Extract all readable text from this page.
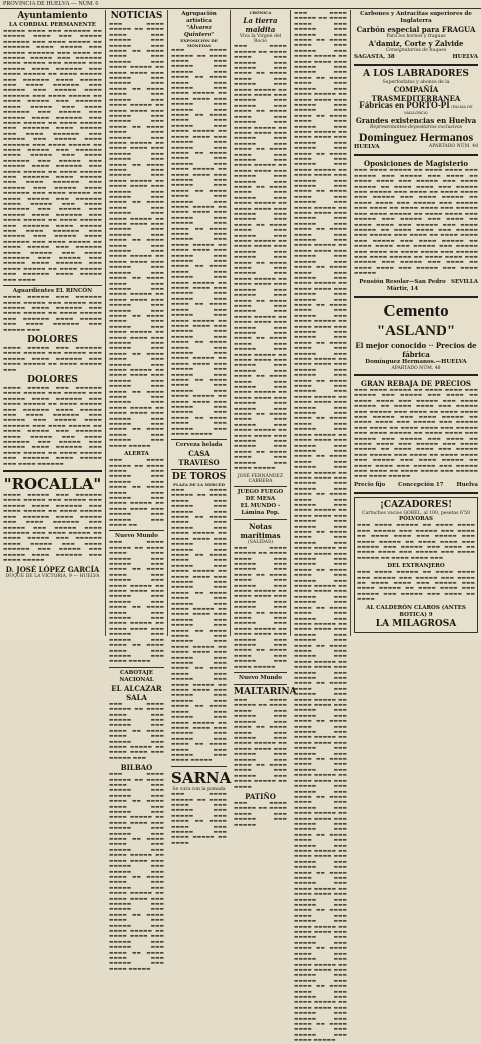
PROVINCIA DE HUELVA — NÚM. 6
Ayuntamiento
LA CORDIAL PERMANENTE
▬▬▬▬▬ ▬▬▬▬ ▬▬▬ ▬▬▬▬▬▬ ▬▬ ▬▬▬▬▬ ▬▬▬▬ ▬▬▬ ▬▬▬▬▬ ▬▬▬▬▬▬ ▬▬▬ ▬▬▬▬ ▬▬▬▬▬ ▬▬ ▬▬▬▬▬▬ ▬▬▬▬ ▬▬▬▬▬ ▬▬▬ ▬▬▬▬▬ ▬▬▬▬▬▬ ▬▬▬ ▬▬▬▬ ▬▬ ▬▬▬▬▬ ▬▬▬▬▬ ▬▬▬ ▬▬▬▬▬▬ ▬▬▬▬ ▬▬▬▬▬ ▬▬▬ ▬▬▬▬▬ ▬▬▬ ▬▬▬▬▬ ▬▬▬▬ ▬▬▬▬▬▬ ▬▬▬ ▬▬▬▬ ▬▬▬▬▬ ▬▬ ▬▬▬▬ ▬▬▬▬▬ ▬▬▬ ▬▬▬▬▬▬ ▬▬▬▬ ▬▬▬▬▬ ▬▬▬ ▬▬▬▬ ▬▬▬▬▬▬ ▬▬▬ ▬▬▬▬▬ ▬▬▬ ▬▬▬▬▬ ▬▬▬▬ ▬▬▬▬▬▬ ▬▬▬ ▬▬▬▬ ▬▬▬▬▬ ▬▬ ▬▬▬▬ ▬▬▬▬▬ ▬▬▬ ▬▬▬▬▬▬ ▬▬▬▬ ▬▬▬▬▬ ▬▬▬ ▬▬▬▬ ▬▬▬▬▬▬ ▬▬▬ ▬▬▬▬▬ ▬▬▬ ▬▬▬▬▬ ▬▬▬▬ ▬▬▬▬▬▬ ▬▬▬ ▬▬▬▬ ▬▬▬▬▬ ▬▬ ▬▬▬▬ ▬▬▬▬▬ ▬▬▬ ▬▬▬▬▬▬ ▬▬▬▬ ▬▬▬▬▬ ▬▬▬ ▬▬▬▬ ▬▬▬▬▬▬ ▬▬▬ ▬▬▬▬▬ ▬▬▬ ▬▬▬▬▬ ▬▬▬▬ ▬▬▬▬▬▬ ▬▬▬ ▬▬▬▬ ▬▬▬▬▬ ▬▬ ▬▬▬▬ ▬▬▬▬▬ ▬▬▬ ▬▬▬▬▬▬ ▬▬▬▬ ▬▬▬▬▬ ▬▬▬ ▬▬▬▬ ▬▬▬▬▬▬ ▬▬▬ ▬▬▬▬▬ ▬▬▬ ▬▬▬▬▬ ▬▬▬▬ ▬▬▬▬▬▬ ▬▬▬ ▬▬▬▬ ▬▬▬▬▬ ▬▬ ▬▬▬▬ ▬▬▬▬▬ ▬▬▬ ▬▬▬▬▬▬ ▬▬▬▬ ▬▬▬▬▬ ▬▬▬ ▬▬▬▬ ▬▬▬▬▬▬ ▬▬▬ ▬▬▬▬▬ ▬▬▬ ▬▬▬▬▬ ▬▬▬▬ ▬▬▬▬▬▬ ▬▬▬ ▬▬▬▬ ▬▬▬▬▬ ▬▬ ▬▬▬▬ ▬▬▬▬▬ ▬▬▬ ▬▬▬▬▬▬ ▬▬▬▬ ▬▬▬▬▬ ▬▬▬ ▬▬▬▬ ▬▬▬▬▬▬ ▬▬▬ ▬▬▬▬▬ ▬▬▬ ▬▬▬▬▬ ▬▬▬▬ ▬▬▬▬▬▬ ▬▬▬ ▬▬▬▬ ▬▬▬▬▬ ▬▬ ▬▬▬▬ ▬▬▬▬▬ ▬▬▬ ▬▬▬▬▬▬ ▬▬▬▬ ▬▬▬▬▬ ▬▬▬ ▬▬▬▬ ▬▬▬▬▬▬ ▬▬▬ ▬▬▬▬▬ ▬▬▬ ▬▬▬▬▬ ▬▬▬▬ ▬▬▬▬▬▬ ▬▬▬ ▬▬▬▬ ▬▬▬▬▬ ▬▬ ▬▬▬▬ ▬▬▬▬▬ ▬▬▬ ▬▬▬▬▬▬ ▬▬▬▬ ▬▬▬▬▬ ▬▬▬ ▬▬▬▬ ▬▬▬▬▬▬ ▬▬▬ ▬▬▬▬▬ ▬▬▬ ▬▬▬▬▬ ▬▬▬▬ ▬▬▬▬▬▬ ▬▬▬ ▬▬▬▬ ▬▬▬▬▬ ▬▬ ▬▬▬▬ ▬▬▬▬▬ ▬▬▬ ▬▬▬▬▬▬ ▬▬▬▬ ▬▬▬▬▬ ▬▬▬ ▬▬▬▬
Aguardientes EL RINCÓN
▬▬▬▬ ▬▬▬▬▬ ▬▬▬ ▬▬▬▬▬▬ ▬▬▬▬ ▬▬▬▬▬ ▬▬▬ ▬▬▬▬▬ ▬▬▬ ▬▬▬▬▬ ▬▬▬▬ ▬▬▬▬▬▬ ▬▬▬ ▬▬▬▬ ▬▬▬▬▬ ▬▬ ▬▬▬▬ ▬▬▬▬▬ ▬▬▬ ▬▬▬▬▬▬ ▬▬▬▬ ▬▬▬▬▬ ▬▬▬ ▬▬▬▬ ▬▬▬▬▬▬ ▬▬▬ ▬▬▬▬▬ ▬▬▬
DOLORES
▬▬▬▬ ▬▬▬▬▬ ▬▬▬ ▬▬▬▬▬▬ ▬▬▬▬ ▬▬▬▬▬ ▬▬▬ ▬▬▬▬▬ ▬▬▬ ▬▬▬▬▬ ▬▬▬▬ ▬▬▬▬▬▬ ▬▬▬ ▬▬▬▬ ▬▬▬▬▬ ▬▬ ▬▬▬▬ ▬▬▬▬▬ ▬▬▬
DOLORES
▬▬▬▬ ▬▬▬▬▬ ▬▬▬ ▬▬▬▬▬▬ ▬▬▬▬ ▬▬▬▬▬ ▬▬▬ ▬▬▬▬▬ ▬▬▬ ▬▬▬▬▬ ▬▬▬▬ ▬▬▬▬▬▬ ▬▬▬ ▬▬▬▬ ▬▬▬▬▬ ▬▬ ▬▬▬▬ ▬▬▬▬▬ ▬▬▬ ▬▬▬▬▬▬ ▬▬▬▬ ▬▬▬▬▬ ▬▬▬ ▬▬▬▬ ▬▬▬▬▬▬ ▬▬▬ ▬▬▬▬▬ ▬▬▬ ▬▬▬▬▬ ▬▬▬▬ ▬▬▬▬▬▬ ▬▬▬ ▬▬▬▬ ▬▬▬▬▬ ▬▬ ▬▬▬▬ ▬▬▬▬▬ ▬▬▬ ▬▬▬▬▬▬ ▬▬▬▬ ▬▬▬▬▬ ▬▬▬ ▬▬▬▬ ▬▬▬▬▬▬ ▬▬▬ ▬▬▬▬▬ ▬▬▬ ▬▬▬▬▬ ▬▬▬▬ ▬▬▬▬▬▬ ▬▬▬ ▬▬▬▬ ▬▬▬▬▬ ▬▬ ▬▬▬▬ ▬▬▬▬▬ ▬▬▬ ▬▬▬▬▬▬ ▬▬▬▬ ▬▬▬▬▬ ▬▬▬ ▬▬▬▬ ▬▬▬▬▬▬
"ROCALLA"
▬▬▬▬ ▬▬▬▬▬ ▬▬▬ ▬▬▬▬▬▬ ▬▬▬▬ ▬▬▬▬▬ ▬▬▬ ▬▬▬▬▬ ▬▬▬ ▬▬▬▬▬ ▬▬▬▬ ▬▬▬▬▬▬ ▬▬▬ ▬▬▬▬ ▬▬▬▬▬ ▬▬ ▬▬▬▬ ▬▬▬▬▬ ▬▬▬ ▬▬▬▬▬▬ ▬▬▬▬ ▬▬▬▬▬ ▬▬▬ ▬▬▬▬ ▬▬▬▬▬▬ ▬▬▬ ▬▬▬▬▬ ▬▬▬ ▬▬▬▬▬ ▬▬▬▬ ▬▬▬▬▬▬ ▬▬▬ ▬▬▬▬ ▬▬▬▬▬ ▬▬ ▬▬▬▬ ▬▬▬▬▬ ▬▬▬ ▬▬▬▬▬▬ ▬▬▬▬ ▬▬▬▬▬ ▬▬▬ ▬▬▬▬ ▬▬▬▬▬▬ ▬▬▬ ▬▬▬▬▬ ▬▬▬ ▬▬▬▬▬ ▬▬▬▬ ▬▬▬▬▬▬ ▬▬▬ ▬▬▬▬ ▬▬▬▬▬
D. JOSÉ LÓPEZ GARCÍA
DUQUE DE LA VICTORIA, 9 — HUELVA
NOTICIAS
▬▬▬ ▬▬▬▬ ▬▬▬▬▬ ▬▬ ▬▬▬▬ ▬▬▬▬ ▬▬▬ ▬▬▬▬▬ ▬▬▬ ▬▬▬▬▬ ▬▬▬ ▬▬▬▬ ▬▬ ▬▬▬▬ ▬▬▬▬ ▬▬▬ ▬▬▬▬▬ ▬▬▬ ▬▬▬▬ ▬▬▬▬▬ ▬▬ ▬▬▬▬ ▬▬▬▬ ▬▬▬ ▬▬▬▬▬ ▬▬▬ ▬▬▬▬▬ ▬▬▬ ▬▬▬▬ ▬▬ ▬▬▬▬ ▬▬▬▬ ▬▬▬ ▬▬▬▬▬ ▬▬▬ ▬▬▬▬ ▬▬▬▬▬ ▬▬ ▬▬▬▬ ▬▬▬▬ ▬▬▬ ▬▬▬▬▬ ▬▬▬ ▬▬▬▬▬ ▬▬▬ ▬▬▬▬ ▬▬ ▬▬▬▬ ▬▬▬▬ ▬▬▬ ▬▬▬▬▬ ▬▬▬ ▬▬▬▬ ▬▬▬▬▬ ▬▬ ▬▬▬▬ ▬▬▬▬ ▬▬▬ ▬▬▬▬▬ ▬▬▬ ▬▬▬▬▬ ▬▬▬ ▬▬▬▬ ▬▬ ▬▬▬▬ ▬▬▬▬ ▬▬▬ ▬▬▬▬▬ ▬▬▬ ▬▬▬▬ ▬▬▬▬▬ ▬▬ ▬▬▬▬ ▬▬▬▬ ▬▬▬ ▬▬▬▬▬ ▬▬▬ ▬▬▬▬▬ ▬▬▬ ▬▬▬▬ ▬▬ ▬▬▬▬ ▬▬▬▬ ▬▬▬ ▬▬▬▬▬ ▬▬▬ ▬▬▬▬ ▬▬▬▬▬ ▬▬ ▬▬▬▬ ▬▬▬▬ ▬▬▬ ▬▬▬▬▬ ▬▬▬ ▬▬▬▬▬ ▬▬▬ ▬▬▬▬ ▬▬ ▬▬▬▬ ▬▬▬▬ ▬▬▬ ▬▬▬▬▬ ▬▬▬ ▬▬▬▬ ▬▬▬▬▬ ▬▬ ▬▬▬▬ ▬▬▬▬ ▬▬▬ ▬▬▬▬▬ ▬▬▬ ▬▬▬▬▬ ▬▬▬ ▬▬▬▬ ▬▬ ▬▬▬▬ ▬▬▬▬ ▬▬▬ ▬▬▬▬▬ ▬▬▬ ▬▬▬▬ ▬▬▬▬▬ ▬▬ ▬▬▬▬ ▬▬▬▬ ▬▬▬ ▬▬▬▬▬ ▬▬▬ ▬▬▬▬▬ ▬▬▬ ▬▬▬▬ ▬▬ ▬▬▬▬ ▬▬▬▬ ▬▬▬ ▬▬▬▬▬ ▬▬▬ ▬▬▬▬ ▬▬▬▬▬ ▬▬ ▬▬▬▬ ▬▬▬▬ ▬▬▬ ▬▬▬▬▬ ▬▬▬ ▬▬▬▬▬ ▬▬▬ ▬▬▬▬ ▬▬ ▬▬▬▬ ▬▬▬▬ ▬▬▬ ▬▬▬▬▬ ▬▬▬ ▬▬▬▬ ▬▬▬▬▬ ▬▬ ▬▬▬▬ ▬▬▬▬ ▬▬▬ ▬▬▬▬▬ ▬▬▬ ▬▬▬▬▬ ▬▬▬ ▬▬▬▬ ▬▬ ▬▬▬▬ ▬▬▬▬ ▬▬▬ ▬▬▬▬▬ ▬▬▬ ▬▬▬▬ ▬▬▬▬▬ ▬▬ ▬▬▬▬ ▬▬▬▬ ▬▬▬ ▬▬▬▬▬ ▬▬▬ ▬▬▬▬▬ ▬▬▬ ▬▬▬▬ ▬▬ ▬▬▬▬ ▬▬▬▬ ▬▬▬ ▬▬▬▬▬ ▬▬▬ ▬▬▬▬ ▬▬▬▬▬
ALERTA
▬▬▬ ▬▬▬▬ ▬▬▬▬▬ ▬▬ ▬▬▬▬ ▬▬▬▬ ▬▬▬ ▬▬▬▬▬ ▬▬▬ ▬▬▬▬▬ ▬▬▬ ▬▬▬▬ ▬▬ ▬▬▬▬ ▬▬▬▬ ▬▬▬ ▬▬▬▬▬ ▬▬▬ ▬▬▬▬ ▬▬▬▬▬ ▬▬ ▬▬▬▬ ▬▬▬▬ ▬▬▬ ▬▬▬▬▬ ▬▬▬ ▬▬▬▬▬ ▬▬▬ ▬▬▬▬ ▬▬
Nuevo Mundo
▬▬▬ ▬▬▬▬ ▬▬▬▬▬ ▬▬ ▬▬▬▬ ▬▬▬▬ ▬▬▬ ▬▬▬▬▬ ▬▬▬ ▬▬▬▬▬ ▬▬▬ ▬▬▬▬ ▬▬ ▬▬▬▬ ▬▬▬▬ ▬▬▬ ▬▬▬▬▬ ▬▬▬ ▬▬▬▬ ▬▬▬▬▬ ▬▬ ▬▬▬▬ ▬▬▬▬ ▬▬▬ ▬▬▬▬▬ ▬▬▬ ▬▬▬▬▬ ▬▬▬ ▬▬▬▬ ▬▬ ▬▬▬▬ ▬▬▬▬ ▬▬▬ ▬▬▬▬▬ ▬▬▬ ▬▬▬▬ ▬▬▬▬▬ ▬▬ ▬▬▬▬ ▬▬▬▬ ▬▬▬ ▬▬▬▬▬ ▬▬▬ ▬▬▬▬▬ ▬▬▬ ▬▬▬▬ ▬▬ ▬▬▬▬ ▬▬▬▬ ▬▬▬ ▬▬▬▬▬ ▬▬▬ ▬▬▬▬ ▬▬▬▬▬
CABOTAJE NACIONAL
EL ALCAZAR SALA
▬▬▬ ▬▬▬▬ ▬▬▬▬▬ ▬▬ ▬▬▬▬ ▬▬▬▬ ▬▬▬ ▬▬▬▬▬ ▬▬▬ ▬▬▬▬▬ ▬▬▬ ▬▬▬▬ ▬▬ ▬▬▬▬ ▬▬▬▬ ▬▬▬ ▬▬▬▬▬ ▬▬▬ ▬▬▬▬ ▬▬▬▬▬ ▬▬ ▬▬▬▬ ▬▬▬▬ ▬▬▬ ▬▬▬▬▬ ▬▬▬
BILBAO
▬▬▬ ▬▬▬▬ ▬▬▬▬▬ ▬▬ ▬▬▬▬ ▬▬▬▬ ▬▬▬ ▬▬▬▬▬ ▬▬▬ ▬▬▬▬▬ ▬▬▬ ▬▬▬▬ ▬▬ ▬▬▬▬ ▬▬▬▬ ▬▬▬ ▬▬▬▬▬ ▬▬▬ ▬▬▬▬ ▬▬▬▬▬ ▬▬ ▬▬▬▬ ▬▬▬▬ ▬▬▬ ▬▬▬▬▬ ▬▬▬ ▬▬▬▬▬ ▬▬▬ ▬▬▬▬ ▬▬ ▬▬▬▬ ▬▬▬▬ ▬▬▬ ▬▬▬▬▬ ▬▬▬ ▬▬▬▬ ▬▬▬▬▬ ▬▬ ▬▬▬▬ ▬▬▬▬ ▬▬▬ ▬▬▬▬▬ ▬▬▬ ▬▬▬▬▬ ▬▬▬ ▬▬▬▬ ▬▬ ▬▬▬▬ ▬▬▬▬ ▬▬▬ ▬▬▬▬▬ ▬▬▬ ▬▬▬▬ ▬▬▬▬▬ ▬▬ ▬▬▬▬ ▬▬▬▬ ▬▬▬ ▬▬▬▬▬ ▬▬▬ ▬▬▬▬▬ ▬▬▬ ▬▬▬▬ ▬▬ ▬▬▬▬ ▬▬▬▬ ▬▬▬ ▬▬▬▬▬ ▬▬▬ ▬▬▬▬ ▬▬▬▬▬ ▬▬ ▬▬▬▬ ▬▬▬▬ ▬▬▬ ▬▬▬▬▬ ▬▬▬ ▬▬▬▬▬ ▬▬▬ ▬▬▬▬ ▬▬ ▬▬▬▬ ▬▬▬▬ ▬▬▬ ▬▬▬▬▬ ▬▬▬ ▬▬▬▬ ▬▬▬▬▬
Agrupación artística
"Álvarez Quintero"
EXPOSICIÓN DE MONEDAS
▬▬▬ ▬▬▬▬ ▬▬▬▬▬ ▬▬ ▬▬▬▬ ▬▬▬▬ ▬▬▬ ▬▬▬▬▬ ▬▬▬ ▬▬▬▬▬ ▬▬▬ ▬▬▬▬ ▬▬ ▬▬▬▬ ▬▬▬▬ ▬▬▬ ▬▬▬▬▬ ▬▬▬ ▬▬▬▬ ▬▬▬▬▬ ▬▬ ▬▬▬▬ ▬▬▬▬ ▬▬▬ ▬▬▬▬▬ ▬▬▬ ▬▬▬▬▬ ▬▬▬ ▬▬▬▬ ▬▬ ▬▬▬▬ ▬▬▬▬ ▬▬▬ ▬▬▬▬▬ ▬▬▬ ▬▬▬▬ ▬▬▬▬▬ ▬▬ ▬▬▬▬ ▬▬▬▬ ▬▬▬ ▬▬▬▬▬ ▬▬▬ ▬▬▬▬▬ ▬▬▬ ▬▬▬▬ ▬▬ ▬▬▬▬ ▬▬▬▬ ▬▬▬ ▬▬▬▬▬ ▬▬▬ ▬▬▬▬ ▬▬▬▬▬ ▬▬ ▬▬▬▬ ▬▬▬▬ ▬▬▬ ▬▬▬▬▬ ▬▬▬ ▬▬▬▬▬ ▬▬▬ ▬▬▬▬ ▬▬ ▬▬▬▬ ▬▬▬▬ ▬▬▬ ▬▬▬▬▬ ▬▬▬ ▬▬▬▬ ▬▬▬▬▬ ▬▬ ▬▬▬▬ ▬▬▬▬ ▬▬▬ ▬▬▬▬▬ ▬▬▬ ▬▬▬▬▬ ▬▬▬ ▬▬▬▬ ▬▬ ▬▬▬▬ ▬▬▬▬ ▬▬▬ ▬▬▬▬▬ ▬▬▬ ▬▬▬▬ ▬▬▬▬▬ ▬▬ ▬▬▬▬ ▬▬▬▬ ▬▬▬ ▬▬▬▬▬ ▬▬▬ ▬▬▬▬▬ ▬▬▬ ▬▬▬▬ ▬▬ ▬▬▬▬ ▬▬▬▬ ▬▬▬ ▬▬▬▬▬ ▬▬▬ ▬▬▬▬ ▬▬▬▬▬ ▬▬ ▬▬▬▬ ▬▬▬▬ ▬▬▬ ▬▬▬▬▬ ▬▬▬ ▬▬▬▬▬ ▬▬▬ ▬▬▬▬ ▬▬ ▬▬▬▬ ▬▬▬▬ ▬▬▬ ▬▬▬▬▬ ▬▬▬ ▬▬▬▬ ▬▬▬▬▬ ▬▬ ▬▬▬▬ ▬▬▬▬ ▬▬▬ ▬▬▬▬▬ ▬▬▬ ▬▬▬▬▬ ▬▬▬ ▬▬▬▬ ▬▬ ▬▬▬▬ ▬▬▬▬ ▬▬▬ ▬▬▬▬▬ ▬▬▬ ▬▬▬▬ ▬▬▬▬▬ ▬▬ ▬▬▬▬ ▬▬▬▬ ▬▬▬ ▬▬▬▬▬ ▬▬▬ ▬▬▬▬▬ ▬▬▬ ▬▬▬▬ ▬▬ ▬▬▬▬ ▬▬▬▬ ▬▬▬ ▬▬▬▬▬ ▬▬▬ ▬▬▬▬ ▬▬▬▬▬ ▬▬ ▬▬▬▬ ▬▬▬▬ ▬▬▬ ▬▬▬▬▬ ▬▬▬ ▬▬▬▬▬ ▬▬▬ ▬▬▬▬ ▬▬ ▬▬▬▬ ▬▬▬▬ ▬▬▬ ▬▬▬▬▬ ▬▬▬ ▬▬▬▬ ▬▬▬▬▬
Cerveza helada
CASA TRAVIESO
DE TOROS
PLAZA DE LA MERCED
▬▬▬ ▬▬▬▬ ▬▬▬▬▬ ▬▬ ▬▬▬▬ ▬▬▬▬ ▬▬▬ ▬▬▬▬▬ ▬▬▬ ▬▬▬▬▬ ▬▬▬ ▬▬▬▬ ▬▬ ▬▬▬▬ ▬▬▬▬ ▬▬▬ ▬▬▬▬▬ ▬▬▬ ▬▬▬▬ ▬▬▬▬▬ ▬▬ ▬▬▬▬ ▬▬▬▬ ▬▬▬ ▬▬▬▬▬ ▬▬▬ ▬▬▬▬▬ ▬▬▬ ▬▬▬▬ ▬▬ ▬▬▬▬ ▬▬▬▬ ▬▬▬ ▬▬▬▬▬ ▬▬▬ ▬▬▬▬ ▬▬▬▬▬ ▬▬ ▬▬▬▬ ▬▬▬▬ ▬▬▬ ▬▬▬▬▬ ▬▬▬ ▬▬▬▬▬ ▬▬▬ ▬▬▬▬ ▬▬ ▬▬▬▬ ▬▬▬▬ ▬▬▬ ▬▬▬▬▬ ▬▬▬ ▬▬▬▬ ▬▬▬▬▬ ▬▬ ▬▬▬▬ ▬▬▬▬ ▬▬▬ ▬▬▬▬▬ ▬▬▬ ▬▬▬▬▬ ▬▬▬ ▬▬▬▬ ▬▬ ▬▬▬▬ ▬▬▬▬ ▬▬▬ ▬▬▬▬▬ ▬▬▬ ▬▬▬▬ ▬▬▬▬▬ ▬▬ ▬▬▬▬ ▬▬▬▬ ▬▬▬ ▬▬▬▬▬ ▬▬▬ ▬▬▬▬▬ ▬▬▬ ▬▬▬▬ ▬▬ ▬▬▬▬ ▬▬▬▬ ▬▬▬ ▬▬▬▬▬ ▬▬▬ ▬▬▬▬ ▬▬▬▬▬ ▬▬ ▬▬▬▬ ▬▬▬▬ ▬▬▬ ▬▬▬▬▬ ▬▬▬ ▬▬▬▬▬ ▬▬▬ ▬▬▬▬ ▬▬ ▬▬▬▬ ▬▬▬▬ ▬▬▬ ▬▬▬▬▬ ▬▬▬ ▬▬▬▬ ▬▬▬▬▬ ▬▬ ▬▬▬▬ ▬▬▬▬ ▬▬▬ ▬▬▬▬▬ ▬▬▬ ▬▬▬▬▬ ▬▬▬ ▬▬▬▬ ▬▬ ▬▬▬▬ ▬▬▬▬ ▬▬▬ ▬▬▬▬▬ ▬▬▬ ▬▬▬▬ ▬▬▬▬▬
SARNA
Se cura con la pomada
▬▬▬ ▬▬▬▬ ▬▬▬▬▬ ▬▬ ▬▬▬▬ ▬▬▬▬ ▬▬▬ ▬▬▬▬▬ ▬▬▬ ▬▬▬▬▬ ▬▬▬ ▬▬▬▬ ▬▬ ▬▬▬▬ ▬▬▬▬ ▬▬▬ ▬▬▬▬▬ ▬▬▬ ▬▬▬▬ ▬▬▬▬▬ ▬▬ ▬▬▬▬
CRÓNICA
La tierra maldita
Viva la Virgen del Rocío
▬▬▬ ▬▬▬▬ ▬▬▬▬▬ ▬▬ ▬▬▬▬ ▬▬▬▬ ▬▬▬ ▬▬▬▬▬ ▬▬▬ ▬▬▬▬▬ ▬▬▬ ▬▬▬▬ ▬▬ ▬▬▬▬ ▬▬▬▬ ▬▬▬ ▬▬▬▬▬ ▬▬▬ ▬▬▬▬ ▬▬▬▬▬ ▬▬ ▬▬▬▬ ▬▬▬▬ ▬▬▬ ▬▬▬▬▬ ▬▬▬ ▬▬▬▬▬ ▬▬▬ ▬▬▬▬ ▬▬ ▬▬▬▬ ▬▬▬▬ ▬▬▬ ▬▬▬▬▬ ▬▬▬ ▬▬▬▬ ▬▬▬▬▬ ▬▬ ▬▬▬▬ ▬▬▬▬ ▬▬▬ ▬▬▬▬▬ ▬▬▬ ▬▬▬▬▬ ▬▬▬ ▬▬▬▬ ▬▬ ▬▬▬▬ ▬▬▬▬ ▬▬▬ ▬▬▬▬▬ ▬▬▬ ▬▬▬▬ ▬▬▬▬▬ ▬▬ ▬▬▬▬ ▬▬▬▬ ▬▬▬ ▬▬▬▬▬ ▬▬▬ ▬▬▬▬▬ ▬▬▬ ▬▬▬▬ ▬▬ ▬▬▬▬ ▬▬▬▬ ▬▬▬ ▬▬▬▬▬ ▬▬▬ ▬▬▬▬ ▬▬▬▬▬ ▬▬ ▬▬▬▬ ▬▬▬▬ ▬▬▬ ▬▬▬▬▬ ▬▬▬ ▬▬▬▬▬ ▬▬▬ ▬▬▬▬ ▬▬ ▬▬▬▬ ▬▬▬▬ ▬▬▬ ▬▬▬▬▬ ▬▬▬ ▬▬▬▬ ▬▬▬▬▬ ▬▬ ▬▬▬▬ ▬▬▬▬ ▬▬▬ ▬▬▬▬▬ ▬▬▬ ▬▬▬▬▬ ▬▬▬ ▬▬▬▬ ▬▬ ▬▬▬▬ ▬▬▬▬ ▬▬▬ ▬▬▬▬▬ ▬▬▬ ▬▬▬▬ ▬▬▬▬▬ ▬▬ ▬▬▬▬ ▬▬▬▬ ▬▬▬ ▬▬▬▬▬ ▬▬▬ ▬▬▬▬▬ ▬▬▬ ▬▬▬▬ ▬▬ ▬▬▬▬ ▬▬▬▬ ▬▬▬ ▬▬▬▬▬ ▬▬▬ ▬▬▬▬ ▬▬▬▬▬ ▬▬ ▬▬▬▬ ▬▬▬▬ ▬▬▬ ▬▬▬▬▬ ▬▬▬ ▬▬▬▬▬ ▬▬▬ ▬▬▬▬ ▬▬ ▬▬▬▬ ▬▬▬▬ ▬▬▬ ▬▬▬▬▬ ▬▬▬ ▬▬▬▬ ▬▬▬▬▬ ▬▬ ▬▬▬▬ ▬▬▬▬ ▬▬▬ ▬▬▬▬▬ ▬▬▬ ▬▬▬▬▬ ▬▬▬ ▬▬▬▬ ▬▬ ▬▬▬▬ ▬▬▬▬ ▬▬▬ ▬▬▬▬▬ ▬▬▬ ▬▬▬▬ ▬▬▬▬▬ ▬▬ ▬▬▬▬ ▬▬▬▬ ▬▬▬ ▬▬▬▬▬ ▬▬▬ ▬▬▬▬▬ ▬▬▬ ▬▬▬▬ ▬▬ ▬▬▬▬ ▬▬▬▬ ▬▬▬ ▬▬▬▬▬ ▬▬▬ ▬▬▬▬ ▬▬▬▬▬ ▬▬ ▬▬▬▬ ▬▬▬▬ ▬▬▬ ▬▬▬▬▬ ▬▬▬ ▬▬▬▬▬ ▬▬▬ ▬▬▬▬ ▬▬ ▬▬▬▬ ▬▬▬▬ ▬▬▬ ▬▬▬▬▬ ▬▬▬ ▬▬▬▬ ▬▬▬▬▬
JOSÉ FERNÁNDEZ CABRERA
JUEGO FUEGO DE MESA
EL MUNDO - Lámina Pop.
Notas marítimas
(SALIDAS)
▬▬▬ ▬▬▬▬ ▬▬▬▬▬ ▬▬ ▬▬▬▬ ▬▬▬▬ ▬▬▬ ▬▬▬▬▬ ▬▬▬ ▬▬▬▬▬ ▬▬▬ ▬▬▬▬ ▬▬ ▬▬▬▬ ▬▬▬▬ ▬▬▬ ▬▬▬▬▬ ▬▬▬ ▬▬▬▬ ▬▬▬▬▬ ▬▬ ▬▬▬▬ ▬▬▬▬ ▬▬▬ ▬▬▬▬▬ ▬▬▬ ▬▬▬▬▬ ▬▬▬ ▬▬▬▬ ▬▬ ▬▬▬▬ ▬▬▬▬ ▬▬▬ ▬▬▬▬▬ ▬▬▬ ▬▬▬▬ ▬▬▬▬▬ ▬▬ ▬▬▬▬ ▬▬▬▬ ▬▬▬ ▬▬▬▬▬ ▬▬▬ ▬▬▬▬▬ ▬▬▬ ▬▬▬▬ ▬▬ ▬▬▬▬ ▬▬▬▬ ▬▬▬ ▬▬▬▬▬ ▬▬▬ ▬▬▬▬ ▬▬▬▬▬
Nuevo Mundo
MALTARINA
▬▬▬ ▬▬▬▬ ▬▬▬▬▬ ▬▬ ▬▬▬▬ ▬▬▬▬ ▬▬▬ ▬▬▬▬▬ ▬▬▬ ▬▬▬▬▬ ▬▬▬ ▬▬▬▬ ▬▬ ▬▬▬▬ ▬▬▬▬ ▬▬▬ ▬▬▬▬▬ ▬▬▬ ▬▬▬▬ ▬▬▬▬▬ ▬▬ ▬▬▬▬ ▬▬▬▬ ▬▬▬ ▬▬▬▬▬ ▬▬▬ ▬▬▬▬▬ ▬▬▬ ▬▬▬▬ ▬▬ ▬▬▬▬ ▬▬▬▬ ▬▬▬ ▬▬▬▬▬ ▬▬▬ ▬▬▬▬ ▬▬▬▬▬ ▬▬ ▬▬▬▬
PATIÑO
▬▬▬ ▬▬▬▬ ▬▬▬▬▬ ▬▬ ▬▬▬▬ ▬▬▬▬ ▬▬▬ ▬▬▬▬▬ ▬▬▬ ▬▬▬▬▬
▬▬▬ ▬▬▬▬ ▬▬▬▬▬ ▬▬ ▬▬▬▬ ▬▬▬▬ ▬▬▬ ▬▬▬▬▬ ▬▬▬ ▬▬▬▬▬ ▬▬▬ ▬▬▬▬ ▬▬ ▬▬▬▬ ▬▬▬▬ ▬▬▬ ▬▬▬▬▬ ▬▬▬ ▬▬▬▬ ▬▬▬▬▬ ▬▬ ▬▬▬▬ ▬▬▬▬ ▬▬▬ ▬▬▬▬▬ ▬▬▬ ▬▬▬▬▬ ▬▬▬ ▬▬▬▬ ▬▬ ▬▬▬▬ ▬▬▬▬ ▬▬▬ ▬▬▬▬▬ ▬▬▬ ▬▬▬▬ ▬▬▬▬▬ ▬▬ ▬▬▬▬ ▬▬▬▬ ▬▬▬ ▬▬▬▬▬ ▬▬▬ ▬▬▬▬▬ ▬▬▬ ▬▬▬▬ ▬▬ ▬▬▬▬ ▬▬▬▬ ▬▬▬ ▬▬▬▬▬ ▬▬▬ ▬▬▬▬ ▬▬▬▬▬ ▬▬ ▬▬▬▬ ▬▬▬▬ ▬▬▬ ▬▬▬▬▬ ▬▬▬ ▬▬▬▬▬ ▬▬▬ ▬▬▬▬ ▬▬ ▬▬▬▬ ▬▬▬▬ ▬▬▬ ▬▬▬▬▬ ▬▬▬ ▬▬▬▬ ▬▬▬▬▬ ▬▬ ▬▬▬▬ ▬▬▬▬ ▬▬▬ ▬▬▬▬▬ ▬▬▬ ▬▬▬▬▬ ▬▬▬ ▬▬▬▬ ▬▬ ▬▬▬▬ ▬▬▬▬ ▬▬▬ ▬▬▬▬▬ ▬▬▬ ▬▬▬▬ ▬▬▬▬▬ ▬▬ ▬▬▬▬ ▬▬▬▬ ▬▬▬ ▬▬▬▬▬ ▬▬▬ ▬▬▬▬▬ ▬▬▬ ▬▬▬▬ ▬▬ ▬▬▬▬ ▬▬▬▬ ▬▬▬ ▬▬▬▬▬ ▬▬▬ ▬▬▬▬ ▬▬▬▬▬ ▬▬ ▬▬▬▬ ▬▬▬▬ ▬▬▬ ▬▬▬▬▬ ▬▬▬ ▬▬▬▬▬ ▬▬▬ ▬▬▬▬ ▬▬ ▬▬▬▬ ▬▬▬▬ ▬▬▬ ▬▬▬▬▬ ▬▬▬ ▬▬▬▬ ▬▬▬▬▬ ▬▬ ▬▬▬▬ ▬▬▬▬ ▬▬▬ ▬▬▬▬▬ ▬▬▬ ▬▬▬▬▬ ▬▬▬ ▬▬▬▬ ▬▬ ▬▬▬▬ ▬▬▬▬ ▬▬▬ ▬▬▬▬▬ ▬▬▬ ▬▬▬▬ ▬▬▬▬▬ ▬▬ ▬▬▬▬ ▬▬▬▬ ▬▬▬ ▬▬▬▬▬ ▬▬▬ ▬▬▬▬▬ ▬▬▬ ▬▬▬▬ ▬▬ ▬▬▬▬ ▬▬▬▬ ▬▬▬ ▬▬▬▬▬ ▬▬▬ ▬▬▬▬ ▬▬▬▬▬ ▬▬ ▬▬▬▬ ▬▬▬▬ ▬▬▬ ▬▬▬▬▬ ▬▬▬ ▬▬▬▬▬ ▬▬▬ ▬▬▬▬ ▬▬ ▬▬▬▬ ▬▬▬▬ ▬▬▬ ▬▬▬▬▬ ▬▬▬ ▬▬▬▬ ▬▬▬▬▬ ▬▬ ▬▬▬▬ ▬▬▬▬ ▬▬▬ ▬▬▬▬▬ ▬▬▬ ▬▬▬▬▬ ▬▬▬ ▬▬▬▬ ▬▬ ▬▬▬▬ ▬▬▬▬ ▬▬▬ ▬▬▬▬▬ ▬▬▬ ▬▬▬▬ ▬▬▬▬▬ ▬▬ ▬▬▬▬ ▬▬▬▬ ▬▬▬ ▬▬▬▬▬ ▬▬▬ ▬▬▬▬▬ ▬▬▬ ▬▬▬▬ ▬▬ ▬▬▬▬ ▬▬▬▬ ▬▬▬ ▬▬▬▬▬ ▬▬▬ ▬▬▬▬ ▬▬▬▬▬ ▬▬ ▬▬▬▬ ▬▬▬▬ ▬▬▬ ▬▬▬▬▬ ▬▬▬ ▬▬▬▬▬ ▬▬▬ ▬▬▬▬ ▬▬ ▬▬▬▬ ▬▬▬▬ ▬▬▬ ▬▬▬▬▬ ▬▬▬ ▬▬▬▬ ▬▬▬▬▬ ▬▬ ▬▬▬▬ ▬▬▬▬ ▬▬▬ ▬▬▬▬▬ ▬▬▬ ▬▬▬▬▬ ▬▬▬ ▬▬▬▬ ▬▬ ▬▬▬▬ ▬▬▬▬ ▬▬▬ ▬▬▬▬▬ ▬▬▬ ▬▬▬▬ ▬▬▬▬▬ ▬▬ ▬▬▬▬ ▬▬▬▬ ▬▬▬ ▬▬▬▬▬ ▬▬▬ ▬▬▬▬▬ ▬▬▬ ▬▬▬▬ ▬▬ ▬▬▬▬ ▬▬▬▬ ▬▬▬ ▬▬▬▬▬ ▬▬▬ ▬▬▬▬ ▬▬▬▬▬ ▬▬ ▬▬▬▬ ▬▬▬▬ ▬▬▬ ▬▬▬▬▬ ▬▬▬ ▬▬▬▬▬ ▬▬▬ ▬▬▬▬ ▬▬ ▬▬▬▬ ▬▬▬▬ ▬▬▬ ▬▬▬▬▬ ▬▬▬ ▬▬▬▬ ▬▬▬▬▬ ▬▬ ▬▬▬▬ ▬▬▬▬ ▬▬▬ ▬▬▬▬▬ ▬▬▬ ▬▬▬▬▬ ▬▬▬ ▬▬▬▬ ▬▬ ▬▬▬▬ ▬▬▬▬ ▬▬▬ ▬▬▬▬▬ ▬▬▬ ▬▬▬▬ ▬▬▬▬▬ ▬▬ ▬▬▬▬ ▬▬▬▬ ▬▬▬ ▬▬▬▬▬ ▬▬▬ ▬▬▬▬▬ ▬▬▬ ▬▬▬▬ ▬▬ ▬▬▬▬ ▬▬▬▬ ▬▬▬ ▬▬▬▬▬ ▬▬▬ ▬▬▬▬ ▬▬▬▬▬ ▬▬ ▬▬▬▬ ▬▬▬▬ ▬▬▬ ▬▬▬▬▬ ▬▬▬ ▬▬▬▬▬ ▬▬▬ ▬▬▬▬ ▬▬ ▬▬▬▬ ▬▬▬▬ ▬▬▬ ▬▬▬▬▬ ▬▬▬ ▬▬▬▬ ▬▬▬▬▬ ▬▬ ▬▬▬▬ ▬▬▬▬ ▬▬▬ ▬▬▬▬▬ ▬▬▬ ▬▬▬▬▬ ▬▬▬ ▬▬▬▬ ▬▬ ▬▬▬▬ ▬▬▬▬ ▬▬▬ ▬▬▬▬▬ ▬▬▬ ▬▬▬▬ ▬▬▬▬▬ ▬▬ ▬▬▬▬ ▬▬▬▬ ▬▬▬ ▬▬▬▬▬ ▬▬▬ ▬▬▬▬▬ ▬▬▬ ▬▬▬▬ ▬▬ ▬▬▬▬ ▬▬▬▬ ▬▬▬ ▬▬▬▬▬ ▬▬▬ ▬▬▬▬ ▬▬▬▬▬ ▬▬ ▬▬▬▬ ▬▬▬▬ ▬▬▬ ▬▬▬▬▬ ▬▬▬ ▬▬▬▬▬ ▬▬▬ ▬▬▬▬ ▬▬ ▬▬▬▬ ▬▬▬▬ ▬▬▬ ▬▬▬▬▬ ▬▬▬ ▬▬▬▬ ▬▬▬▬▬ ▬▬ ▬▬▬▬ ▬▬▬▬ ▬▬▬ ▬▬▬▬▬ ▬▬▬ ▬▬▬▬▬ ▬▬▬ ▬▬▬▬ ▬▬ ▬▬▬▬ ▬▬▬▬ ▬▬▬ ▬▬▬▬▬ ▬▬▬ ▬▬▬▬ ▬▬▬▬▬ ▬▬ ▬▬▬▬ ▬▬▬▬ ▬▬▬ ▬▬▬▬▬ ▬▬▬ ▬▬▬▬▬ ▬▬▬ ▬▬▬▬ ▬▬ ▬▬▬▬ ▬▬▬▬ ▬▬▬ ▬▬▬▬▬ ▬▬▬ ▬▬▬▬ ▬▬▬▬▬ ▬▬ ▬▬▬▬ ▬▬▬▬ ▬▬▬ ▬▬▬▬▬ ▬▬▬ ▬▬▬▬▬ ▬▬▬ ▬▬▬▬ ▬▬ ▬▬▬▬ ▬▬▬▬ ▬▬▬ ▬▬▬▬▬ ▬▬▬ ▬▬▬▬ ▬▬▬▬▬ ▬▬ ▬▬▬▬ ▬▬▬▬ ▬▬▬ ▬▬▬▬▬ ▬▬▬ ▬▬▬▬▬ ▬▬▬ ▬▬▬▬ ▬▬ ▬▬▬▬ ▬▬▬▬ ▬▬▬ ▬▬▬▬▬ ▬▬▬ ▬▬▬▬ ▬▬▬▬▬ ▬▬ ▬▬▬▬ ▬▬▬▬ ▬▬▬ ▬▬▬▬▬ ▬▬▬ ▬▬▬▬▬ ▬▬▬ ▬▬▬▬ ▬▬ ▬▬▬▬ ▬▬▬▬ ▬▬▬ ▬▬▬▬▬ ▬▬▬ ▬▬▬▬ ▬▬▬▬▬
Carbones y Antracitas superiores de Inglaterra
Carbón especial para FRAGUA
Para los hornos y fraguas
A'damiz, Corte y Zalvide
Consignatarios de buques
SAGASTA, 38	HUELVA
A LOS LABRADORES
Superfosfatos y abonos de la
COMPAÑÍA TRASMEDITERRANEA
Fábricas en PORTO-PI (PALMA DE MALLORCA)
Grandes existencias en Huelva
Representantes-depositarios exclusivos
Dominguez Hermanos
HUELVA	APARTADO NÚM. 48
Oposiciones de Magisterio
▬▬▬ ▬▬▬▬ ▬▬▬▬▬ ▬▬ ▬▬▬▬ ▬▬▬▬ ▬▬▬ ▬▬▬▬▬ ▬▬▬ ▬▬▬▬▬ ▬▬▬ ▬▬▬▬ ▬▬ ▬▬▬▬ ▬▬▬▬ ▬▬▬ ▬▬▬▬▬ ▬▬▬ ▬▬▬▬ ▬▬▬▬▬ ▬▬ ▬▬▬▬ ▬▬▬▬ ▬▬▬ ▬▬▬▬▬ ▬▬▬ ▬▬▬▬▬ ▬▬▬ ▬▬▬▬ ▬▬ ▬▬▬▬ ▬▬▬▬ ▬▬▬ ▬▬▬▬▬ ▬▬▬ ▬▬▬▬ ▬▬▬▬▬ ▬▬ ▬▬▬▬ ▬▬▬▬ ▬▬▬ ▬▬▬▬▬ ▬▬▬ ▬▬▬▬▬ ▬▬▬ ▬▬▬▬ ▬▬ ▬▬▬▬ ▬▬▬▬ ▬▬▬ ▬▬▬▬▬ ▬▬▬ ▬▬▬▬ ▬▬▬▬▬ ▬▬ ▬▬▬▬ ▬▬▬▬ ▬▬▬ ▬▬▬▬▬ ▬▬▬ ▬▬▬▬▬ ▬▬▬ ▬▬▬▬ ▬▬ ▬▬▬▬ ▬▬▬▬ ▬▬▬ ▬▬▬▬▬ ▬▬▬ ▬▬▬▬ ▬▬▬▬▬ ▬▬ ▬▬▬▬ ▬▬▬▬ ▬▬▬ ▬▬▬▬▬ ▬▬▬ ▬▬▬▬▬ ▬▬▬ ▬▬▬▬ ▬▬ ▬▬▬▬ ▬▬▬▬ ▬▬▬ ▬▬▬▬▬ ▬▬▬ ▬▬▬▬ ▬▬▬▬▬ ▬▬ ▬▬▬▬ ▬▬▬▬ ▬▬▬ ▬▬▬▬▬ ▬▬▬ ▬▬▬▬▬ ▬▬▬ ▬▬▬▬ ▬▬ ▬▬▬▬ ▬▬▬▬ ▬▬▬ ▬▬▬▬▬ ▬▬▬ ▬▬▬▬ ▬▬▬▬▬ ▬▬ ▬▬▬▬ ▬▬▬▬ ▬▬▬ ▬▬▬▬▬ ▬▬▬ ▬▬▬▬▬ ▬▬▬ ▬▬▬▬ ▬▬ ▬▬▬▬ ▬▬▬▬ ▬▬▬ ▬▬▬▬▬ ▬▬▬ ▬▬▬▬ ▬▬▬▬▬
Pensión Resolar—San Pedro Mártir, 14
SEVILLA
Cemento "ASLAND"
El mejor conocido ·· Precios de fábrica
Domínguez Hermanos.—HUELVA
APARTADO NÚM. 48
GRAN REBAJA DE PRECIOS
▬▬▬ ▬▬▬▬ ▬▬▬▬▬ ▬▬ ▬▬▬▬ ▬▬▬▬ ▬▬▬ ▬▬▬▬▬ ▬▬▬ ▬▬▬▬▬ ▬▬▬ ▬▬▬▬ ▬▬ ▬▬▬▬ ▬▬▬▬ ▬▬▬ ▬▬▬▬▬ ▬▬▬ ▬▬▬▬ ▬▬▬▬▬ ▬▬ ▬▬▬▬ ▬▬▬▬ ▬▬▬ ▬▬▬▬▬ ▬▬▬ ▬▬▬▬▬ ▬▬▬ ▬▬▬▬ ▬▬ ▬▬▬▬ ▬▬▬▬ ▬▬▬ ▬▬▬▬▬ ▬▬▬ ▬▬▬▬ ▬▬▬▬▬ ▬▬ ▬▬▬▬ ▬▬▬▬ ▬▬▬ ▬▬▬▬▬ ▬▬▬ ▬▬▬▬▬ ▬▬▬ ▬▬▬▬ ▬▬ ▬▬▬▬ ▬▬▬▬ ▬▬▬ ▬▬▬▬▬ ▬▬▬ ▬▬▬▬ ▬▬▬▬▬ ▬▬ ▬▬▬▬ ▬▬▬▬ ▬▬▬ ▬▬▬▬▬ ▬▬▬ ▬▬▬▬▬ ▬▬▬ ▬▬▬▬ ▬▬ ▬▬▬▬ ▬▬▬▬ ▬▬▬ ▬▬▬▬▬ ▬▬▬ ▬▬▬▬ ▬▬▬▬▬ ▬▬ ▬▬▬▬ ▬▬▬▬ ▬▬▬ ▬▬▬▬▬ ▬▬▬ ▬▬▬▬▬ ▬▬▬ ▬▬▬▬ ▬▬ ▬▬▬▬ ▬▬▬▬ ▬▬▬ ▬▬▬▬▬ ▬▬▬ ▬▬▬▬ ▬▬▬▬▬ ▬▬ ▬▬▬▬ ▬▬▬▬ ▬▬▬ ▬▬▬▬▬ ▬▬▬ ▬▬▬▬▬ ▬▬▬ ▬▬▬▬ ▬▬ ▬▬▬▬ ▬▬▬▬ ▬▬▬ ▬▬▬▬▬ ▬▬▬ ▬▬▬▬ ▬▬▬▬▬
Precio fijo Concepción 17 Huelva
¡CAZADORES!
Cartuchos vacíos GOBEL, al 100, pesetas 6'50
PÓLVORAS
▬▬▬ ▬▬▬▬ ▬▬▬▬▬ ▬▬ ▬▬▬▬ ▬▬▬▬ ▬▬▬ ▬▬▬▬▬ ▬▬▬ ▬▬▬▬▬ ▬▬▬ ▬▬▬▬ ▬▬ ▬▬▬▬ ▬▬▬▬ ▬▬▬ ▬▬▬▬▬ ▬▬▬ ▬▬▬▬ ▬▬▬▬▬ ▬▬ ▬▬▬▬ ▬▬▬▬ ▬▬▬ ▬▬▬▬▬ ▬▬▬ ▬▬▬▬▬ ▬▬▬ ▬▬▬▬ ▬▬ ▬▬▬▬ ▬▬▬▬ ▬▬▬ ▬▬▬▬▬ ▬▬▬ ▬▬▬▬ ▬▬▬▬▬ ▬▬ ▬▬▬▬ ▬▬▬▬ ▬▬▬
DEL EXTRANJERO
▬▬▬ ▬▬▬▬ ▬▬▬▬▬ ▬▬ ▬▬▬▬ ▬▬▬▬ ▬▬▬ ▬▬▬▬▬ ▬▬▬ ▬▬▬▬▬ ▬▬▬ ▬▬▬▬ ▬▬ ▬▬▬▬ ▬▬▬▬ ▬▬▬ ▬▬▬▬▬ ▬▬▬ ▬▬▬▬ ▬▬▬▬▬ ▬▬ ▬▬▬▬ ▬▬▬▬ ▬▬▬ ▬▬▬▬▬ ▬▬▬ ▬▬▬▬▬ ▬▬▬ ▬▬▬▬ ▬▬ ▬▬▬▬
AL CALDERÓN CLAROS (ANTES BOTICA) 9
LA MILAGROSA
